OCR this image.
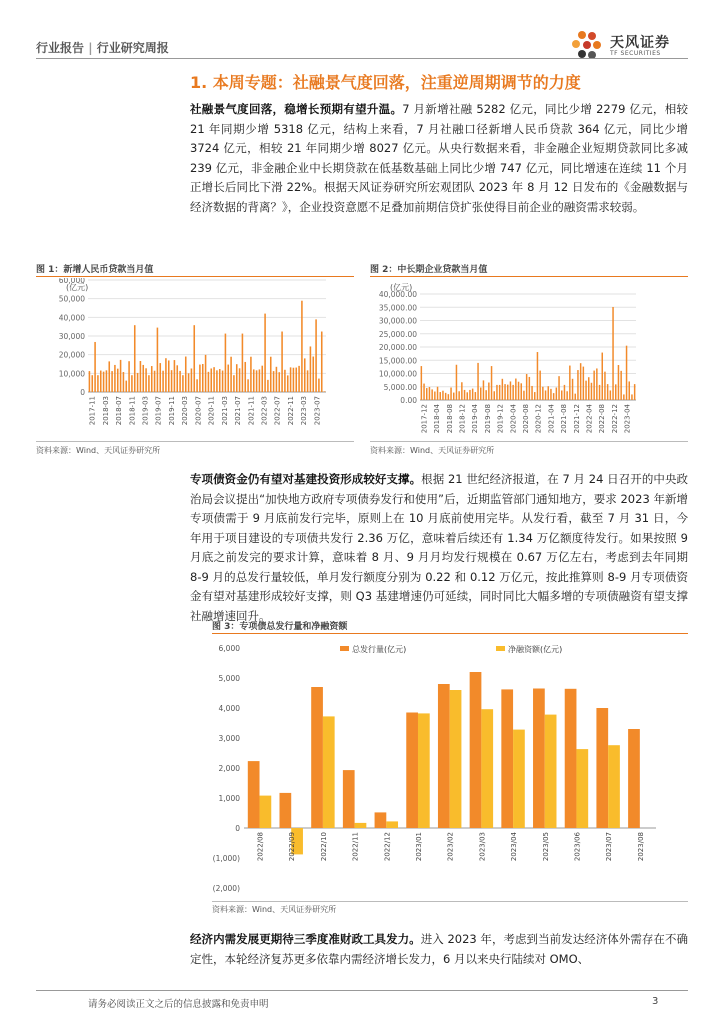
行业报告 | 行业研究周报	天风证券
TF SECURITIES
1. 本周专题：社融景气度回落，注重逆周期调节的力度
社融景气度回落，稳增长预期有望升温。7 月新增社融 5282 亿元，同比少增 2279 亿元，相较 21 年同期少增 5318 亿元，结构上来看，7 月社融口径新增人民币贷款 364 亿元，同比少增 3724 亿元，相较 21 年同期少增 8027 亿元。从央行数据来看，非金融企业短期贷款同比多减 239 亿元，非金融企业中长期贷款在低基数基础上同比少增 747 亿元，同比增速在连续 11 个月正增长后同比下滑 22%。根据天风证券研究所宏观团队 2023 年 8 月 12 日发布的《金融数据与经济数据的背离？》，企业投资意愿不足叠加前期信贷扩张使得目前企业的融资需求较弱。
图 1：新增人民币贷款当月值
(亿元)
60,000
50,000
40,000
30,000
20,000
10,000
0
2017-11 2018-03 2018-07 2018-11 2019-03 2019-07 2019-11 2020-03 2020-07 2020-11 2021-03 2021-07 2021-11 2022-03 2022-07 2022-11 2023-03 2023-07
资料来源：Wind、天风证券研究所
图 2：中长期企业贷款当月值
(亿元)
40,000.00
35,000.00
30,000.00
25,000.00
20,000.00
15,000.00
10,000.00
5,000.00
0.00
2017-12 2018-04 2018-08 2018-12 2019-04 2019-08 2019-12 2020-04 2020-08 2020-12 2021-04 2021-08 2021-12 2022-04 2022-08 2022-12 2023-04
资料来源：Wind、天风证券研究所
专项债资金仍有望对基建投资形成较好支撑。根据 21 世纪经济报道，在 7 月 24 日召开的中央政治局会议提出“加快地方政府专项债券发行和使用”后，近期监管部门通知地方，要求 2023 年新增专项债需于 9 月底前发行完毕，原则上在 10 月底前使用完毕。从发行看，截至 7 月 31 日，今年用于项目建设的专项债共发行 2.36 万亿，意味着后续还有 1.34 万亿额度待发行。如果按照 9 月底之前发完的要求计算，意味着 8 月、9 月月均发行规模在 0.67 万亿左右，考虑到去年同期 8-9 月的总发行量较低，单月发行额度分别为 0.22 和 0.12 万亿元，按此推算则 8-9 月专项债资金有望对基建形成较好支撑，则 Q3 基建增速仍可延续，同时同比大幅多增的专项债融资有望支撑社融增速回升。
图 3：专项债总发行量和净融资额
6,000
5,000
4,000
3,000
2,000
1,000
0
(1,000)
(2,000)
2022/08	2022/09	2022/10	2022/11	2022/12	2023/01	2023/02	2023/03	2023/04	2023/05	2023/06	2023/07	2023/08
总发行量(亿元)	净融资额(亿元)
资料来源：Wind、天风证券研究所
经济内需发展更期待三季度准财政工具发力。进入 2023 年，考虑到当前发达经济体外需存在不确定性，本轮经济复苏更多依靠内需经济增长发力，6 月以来央行陆续对 OMO、
请务必阅读正文之后的信息披露和免责申明	3
